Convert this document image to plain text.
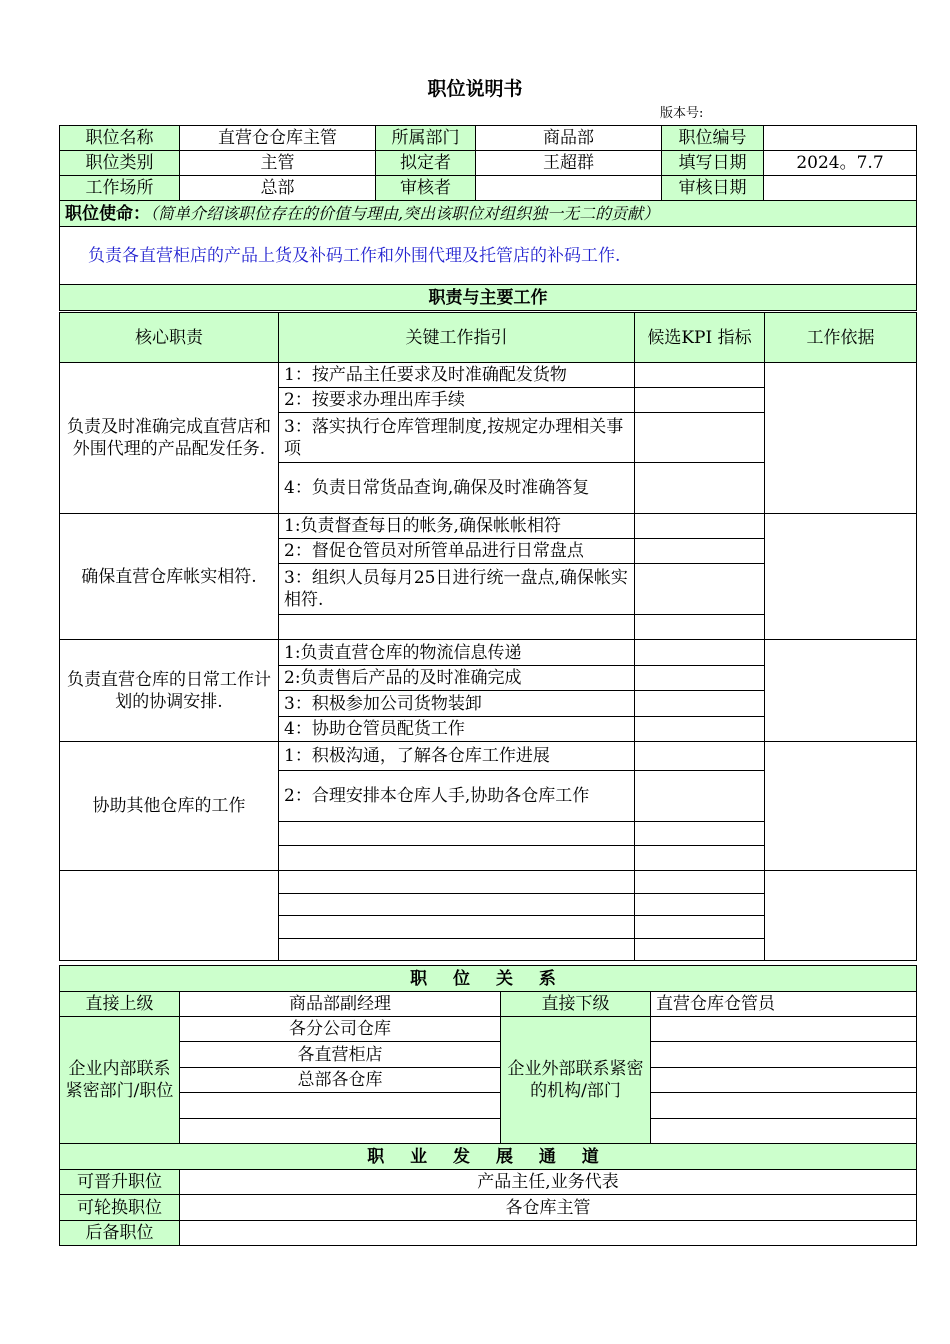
职位说明书
版本号:
职位名称	直营仓仓库主管	所属部门	商品部	职位编号	
职位类别	主管	拟定者	王超群	填写日期	2024。7.7
工作场所	总部	审核者		审核日期	
职位使命：（简单介绍该职位存在的价值与理由,突出该职位对组织独一无二的贡献）					
负责各直营柜店的产品上货及补码工作和外围代理及托管店的补码工作.					
职责与主要工作					
核心职责	关键工作指引	候选KPI 指标	工作依据
负责及时准确完成直营店和外围代理的产品配发任务.	1：按产品主任要求及时准确配发货物		
	2：按要求办理出库手续		
	3：落实执行仓库管理制度,按规定办理相关事项		
	4：负责日常货品查询,确保及时准确答复		
确保直营仓库帐实相符.	1:负责督查每日的帐务,确保帐帐相符		
	2：督促仓管员对所管单品进行日常盘点		
	3：组织人员每月25日进行统一盘点,确保帐实相符.		

负责直营仓库的日常工作计划的协调安排.	1:负责直营仓库的物流信息传递		
	2:负责售后产品的及时准确完成		
	3：积极参加公司货物装卸		
	4：协助仓管员配货工作		
协助其他仓库的工作	1：积极沟通，了解各仓库工作进展		
	2：合理安排本仓库人手,协助各仓库工作		

职 位 关 系			
直接上级	商品部副经理	直接下级	直营仓库仓管员
企业内部联系紧密部门/职位	各分公司仓库	企业外部联系紧密的机构/部门	
	各直营柜店		
	总部各仓库		

职 业 发 展 通 道			
可晋升职位	产品主任,业务代表		
可轮换职位	各仓库主管		
后备职位			
